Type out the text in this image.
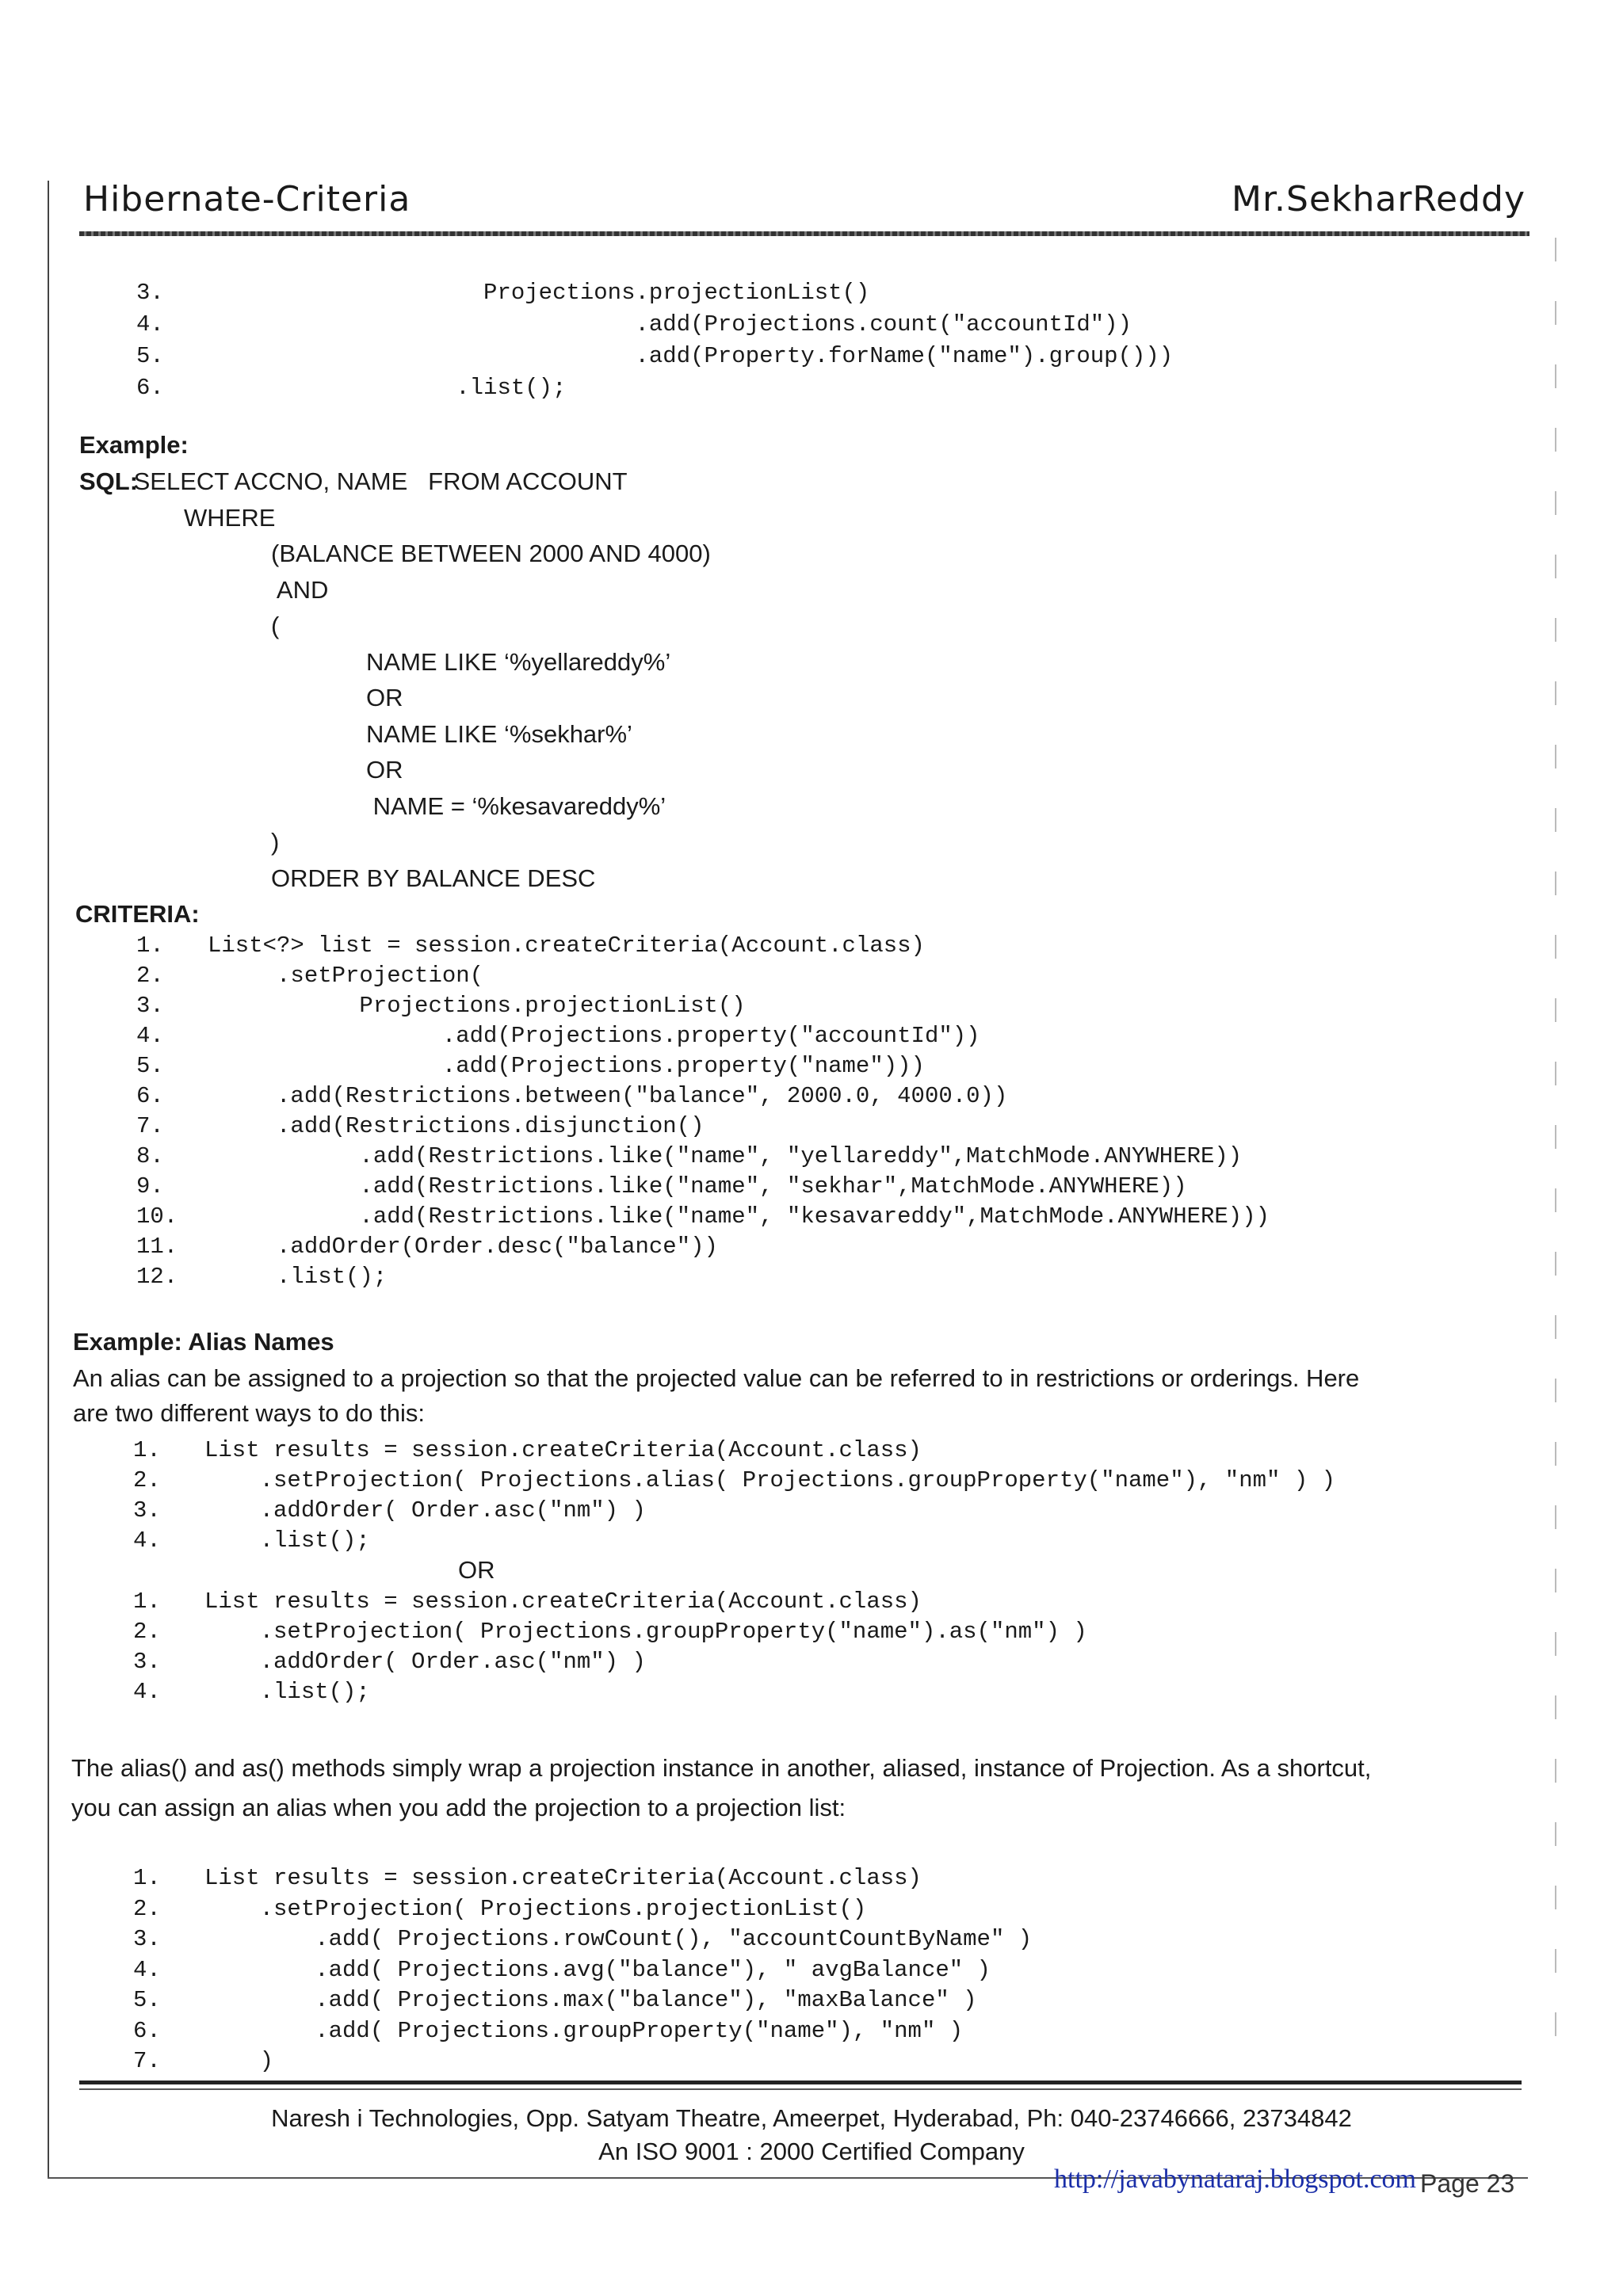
Hibernate-Criteria	Mr.SekharReddy
3.                    Projections.projectionList()
4.                               .add(Projections.count("accountId"))
5.                               .add(Property.forName("name").group()))
6.                  .list();
Example:
SQL:
SELECT ACCNO, NAME   FROM ACCOUNT
WHERE
(BALANCE BETWEEN 2000 AND 4000)
AND
(
NAME LIKE ‘%yellareddy%’
OR
NAME LIKE ‘%sekhar%’
OR
NAME = ‘%kesavareddy%’
)
ORDER BY BALANCE DESC
CRITERIA:
1. List<?> list = session.createCriteria(Account.class)
2.     .setProjection(
3.           Projections.projectionList()
4.                 .add(Projections.property("accountId"))
5.                 .add(Projections.property("name")))
6.     .add(Restrictions.between("balance", 2000.0, 4000.0))
7.     .add(Restrictions.disjunction()
8.           .add(Restrictions.like("name", "yellareddy",MatchMode.ANYWHERE))
9.           .add(Restrictions.like("name", "sekhar",MatchMode.ANYWHERE))
10.           .add(Restrictions.like("name", "kesavareddy",MatchMode.ANYWHERE)))
11.     .addOrder(Order.desc("balance"))
12.     .list();
Example: Alias Names
An alias can be assigned to a projection so that the projected value can be referred to in restrictions or orderings. Here
are two different ways to do this:
1. List results = session.createCriteria(Account.class)
2.    .setProjection( Projections.alias( Projections.groupProperty("name"), "nm" ) )
3.    .addOrder( Order.asc("nm") )
4.    .list();
OR
1. List results = session.createCriteria(Account.class)
2.    .setProjection( Projections.groupProperty("name").as("nm") )
3.    .addOrder( Order.asc("nm") )
4.    .list();
The alias() and as() methods simply wrap a projection instance in another, aliased, instance of Projection. As a shortcut,
you can assign an alias when you add the projection to a projection list:
1. List results = session.createCriteria(Account.class)
2.    .setProjection( Projections.projectionList()
3.        .add( Projections.rowCount(), "accountCountByName" )
4.        .add( Projections.avg("balance"), " avgBalance" )
5.        .add( Projections.max("balance"), "maxBalance" )
6.        .add( Projections.groupProperty("name"), "nm" )
7.    )
Naresh i Technologies, Opp. Satyam Theatre, Ameerpet, Hyderabad, Ph: 040-23746666, 23734842
An ISO 9001 : 2000 Certified Company
http://javabynataraj.blogspot.com Page 23
